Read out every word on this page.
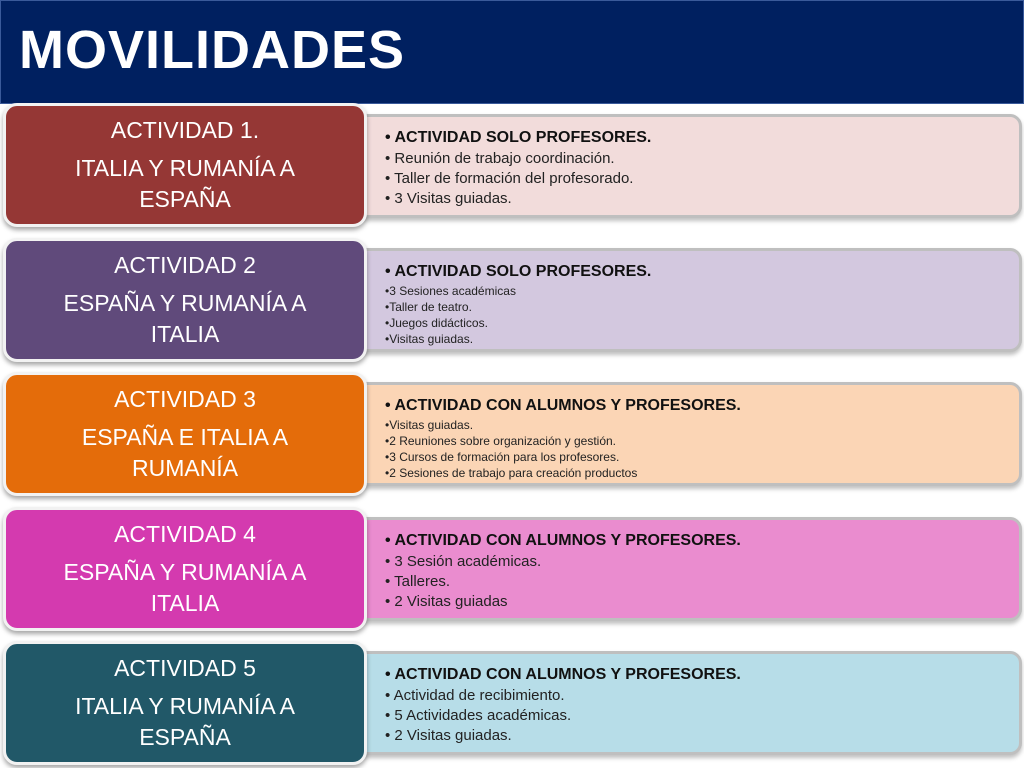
MOVILIDADES
• ACTIVIDAD SOLO PROFESORES.
• Reunión de trabajo coordinación.
• Taller de formación del profesorado.
• 3 Visitas guiadas.
ACTIVIDAD 1.
ITALIA Y RUMANÍA A ESPAÑA
• ACTIVIDAD SOLO PROFESORES.
• 3 Sesiones académicas
• Taller de teatro.
• Juegos didácticos.
• Visitas guiadas.
ACTIVIDAD 2
ESPAÑA Y RUMANÍA A ITALIA
• ACTIVIDAD CON ALUMNOS Y PROFESORES.
• Visitas guiadas.
• 2 Reuniones sobre organización y gestión.
• 3 Cursos de formación para los profesores.
• 2 Sesiones de trabajo para creación productos
ACTIVIDAD 3
ESPAÑA E ITALIA A RUMANÍA
• ACTIVIDAD CON ALUMNOS Y PROFESORES.
• 3 Sesión académicas.
• Talleres.
• 2 Visitas guiadas
ACTIVIDAD 4
ESPAÑA Y RUMANÍA A ITALIA
• ACTIVIDAD CON ALUMNOS Y PROFESORES.
• Actividad de recibimiento.
• 5 Actividades académicas.
• 2 Visitas guiadas.
ACTIVIDAD 5
ITALIA Y RUMANÍA A ESPAÑA
